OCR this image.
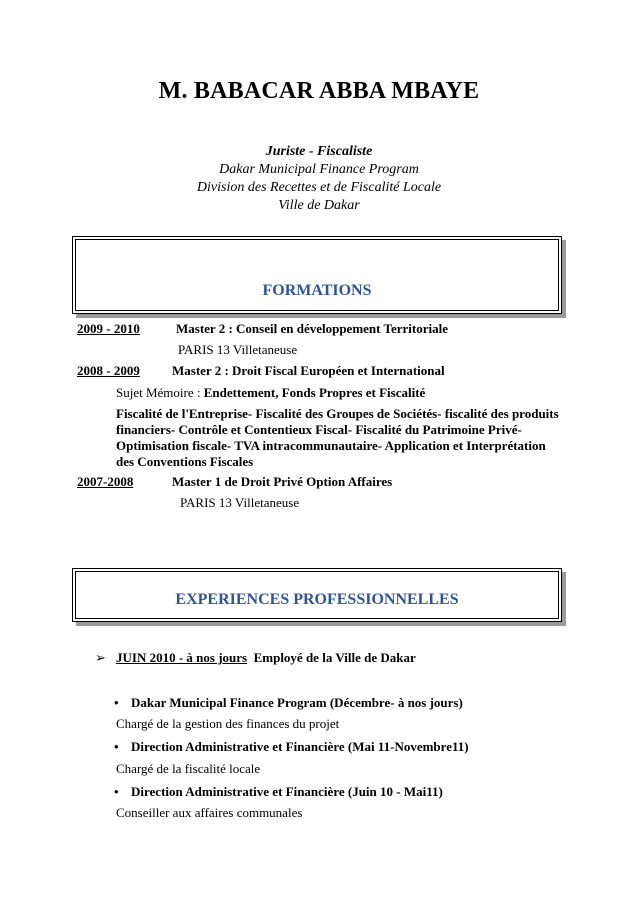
M. BABACAR ABBA MBAYE
Juriste - Fiscaliste
Dakar Municipal Finance Program
Division des Recettes et de Fiscalité Locale
Ville de Dakar
FORMATIONS
2009 - 2010	Master 2 : Conseil en développement Territoriale
PARIS 13 Villetaneuse
2008 - 2009 Master 2 : Droit Fiscal Européen et International
Sujet Mémoire : Endettement, Fonds Propres et Fiscalité
Fiscalité de l'Entreprise- Fiscalité des Groupes de Sociétés- fiscalité des produits
financiers- Contrôle et Contentieux Fiscal- Fiscalité du Patrimoine Privé-
Optimisation fiscale- TVA intracommunautaire- Application et Interprétation
des Conventions Fiscales
2007-2008	Master 1 de Droit Privé Option Affaires
PARIS 13 Villetaneuse
EXPERIENCES PROFESSIONNELLES
➢ JUIN 2010 - à nos jours Employé de la Ville de Dakar
• Dakar Municipal Finance Program (Décembre- à nos jours)
Chargé de la gestion des finances du projet
• Direction Administrative et Financière (Mai 11-Novembre11)
Chargé de la fiscalité locale
• Direction Administrative et Financière (Juin 10 - Mai11)
Conseiller aux affaires communales
